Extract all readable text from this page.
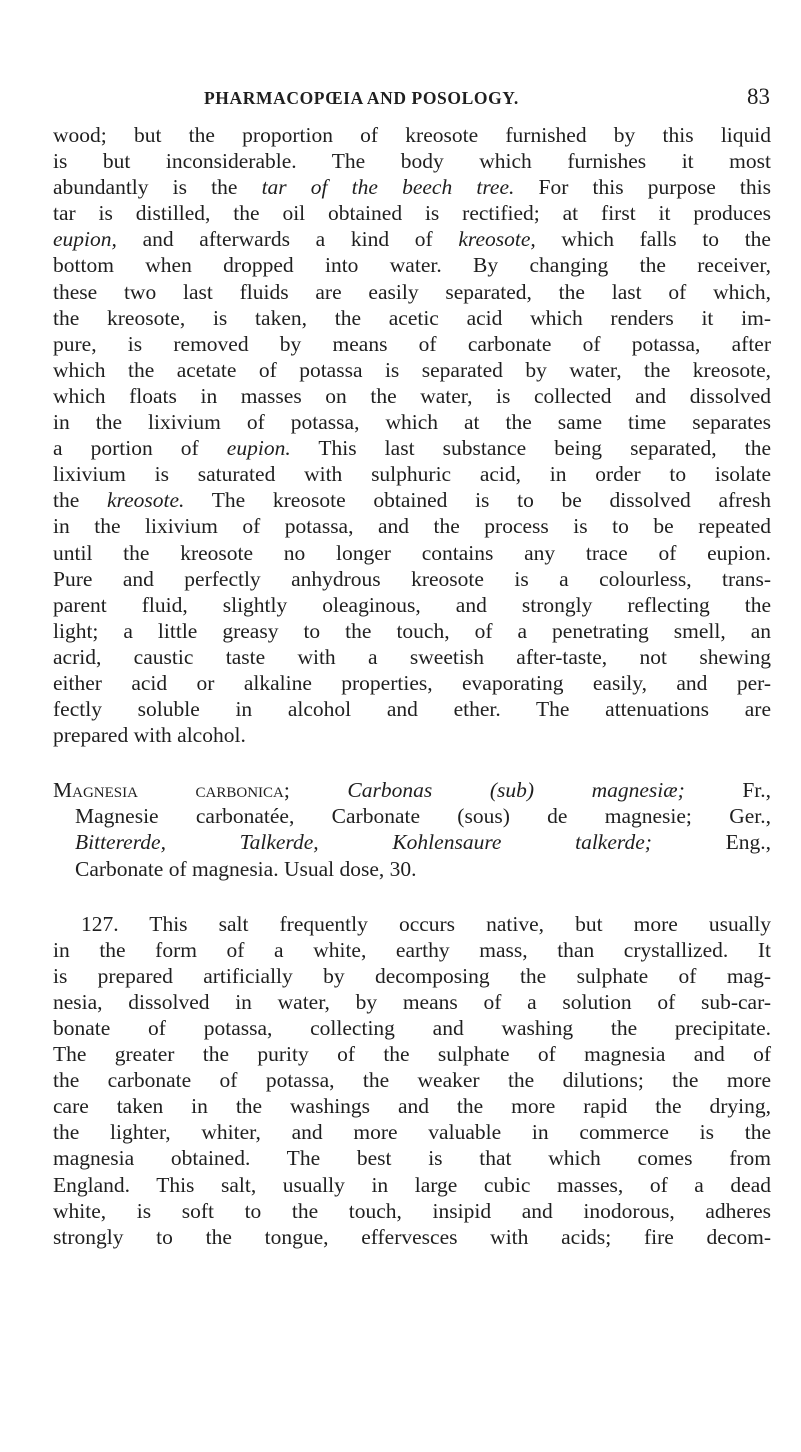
PHARMACOPŒIA AND POSOLOGY.	83
wood; but the proportion of kreosote furnished by this liquid
is but inconsiderable. The body which furnishes it most
abundantly is the tar of the beech tree. For this purpose this
tar is distilled, the oil obtained is rectified; at first it produces
eupion, and afterwards a kind of kreosote, which falls to the
bottom when dropped into water. By changing the receiver,
these two last fluids are easily separated, the last of which,
the kreosote, is taken, the acetic acid which renders it im-
pure, is removed by means of carbonate of potassa, after
which the acetate of potassa is separated by water, the kreosote,
which floats in masses on the water, is collected and dissolved
in the lixivium of potassa, which at the same time separates
a portion of eupion. This last substance being separated, the
lixivium is saturated with sulphuric acid, in order to isolate
the kreosote. The kreosote obtained is to be dissolved afresh
in the lixivium of potassa, and the process is to be repeated
until the kreosote no longer contains any trace of eupion.
Pure and perfectly anhydrous kreosote is a colourless, trans-
parent fluid, slightly oleaginous, and strongly reflecting the
light; a little greasy to the touch, of a penetrating smell, an
acrid, caustic taste with a sweetish after-taste, not shewing
either acid or alkaline properties, evaporating easily, and per-
fectly soluble in alcohol and ether. The attenuations are
prepared with alcohol.
Magnesia carbonica;	Carbonas (sub) magnesiæ; Fr.,
Magnesie carbonatée, Carbonate (sous) de magnesie; Ger.,
Bittererde, Talkerde, Kohlensaure talkerde; Eng.,
Carbonate of magnesia. Usual dose, 30.
127. This salt frequently occurs native, but more usually
in the form of a white, earthy mass, than crystallized. It
is prepared artificially by decomposing the sulphate of mag-
nesia, dissolved in water, by means of a solution of sub-car-
bonate of potassa, collecting and washing the precipitate.
The greater the purity of the sulphate of magnesia and of
the carbonate of potassa, the weaker the dilutions; the more
care taken in the washings and the more rapid the drying,
the lighter, whiter, and more valuable in commerce is the
magnesia obtained. The best is that which comes from
England. This salt, usually in large cubic masses, of a dead
white, is soft to the touch, insipid and inodorous, adheres
strongly to the tongue, effervesces with acids; fire decom-
